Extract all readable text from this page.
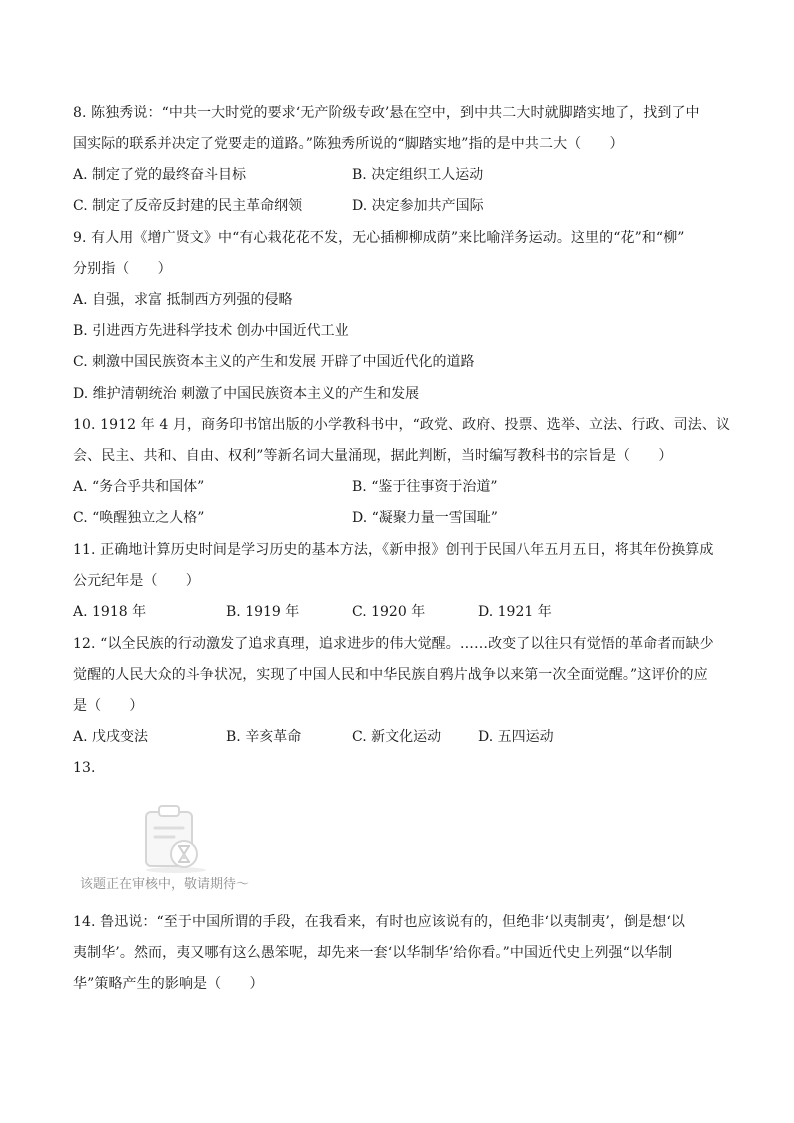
8. 陈独秀说：“中共一大时党的要求‘无产阶级专政’悬在空中，到中共二大时就脚踏实地了，找到了中
国实际的联系并决定了党要走的道路。”陈独秀所说的“脚踏实地”指的是中共二大（　　）
A. 制定了党的最终奋斗目标	B. 决定组织工人运动
C. 制定了反帝反封建的民主革命纲领	D. 决定参加共产国际
9. 有人用《增广贤文》中“有心栽花花不发，无心插柳柳成荫”来比喻洋务运动。这里的“花”和“柳”
分别指（　　）
A. 自强，求富 抵制西方列强的侵略
B. 引进西方先进科学技术 创办中国近代工业
C. 刺激中国民族资本主义的产生和发展 开辟了中国近代化的道路
D. 维护清朝统治 刺激了中国民族资本主义的产生和发展
10. 1912 年 4 月，商务印书馆出版的小学教科书中，“政党、政府、投票、选举、立法、行政、司法、议
会、民主、共和、自由、权利”等新名词大量涌现，据此判断，当时编写教科书的宗旨是（　　）
A. “务合乎共和国体”	B. “鉴于往事资于治道”
C. “唤醒独立之人格”	D. “凝聚力量一雪国耻”
11. 正确地计算历史时间是学习历史的基本方法，《新申报》创刊于民国八年五月五日，将其年份换算成
公元纪年是（　　）
A. 1918 年	B. 1919 年	C. 1920 年	D. 1921 年
12. “以全民族的行动激发了追求真理，追求进步的伟大觉醒。……改变了以往只有觉悟的革命者而缺少
觉醒的人民大众的斗争状况，实现了中国人民和中华民族自鸦片战争以来第一次全面觉醒。”这评价的应
是（　　）
A. 戊戌变法	B. 辛亥革命	C. 新文化运动	D. 五四运动
13.
该题正在审核中，敬请期待～
14. 鲁迅说：“至于中国所谓的手段，在我看来，有时也应该说有的，但绝非‘以夷制夷’，倒是想‘以
夷制华’。然而，夷又哪有这么愚笨呢，却先来一套‘以华制华’给你看。”中国近代史上列强“以华制
华”策略产生的影响是（　　）
